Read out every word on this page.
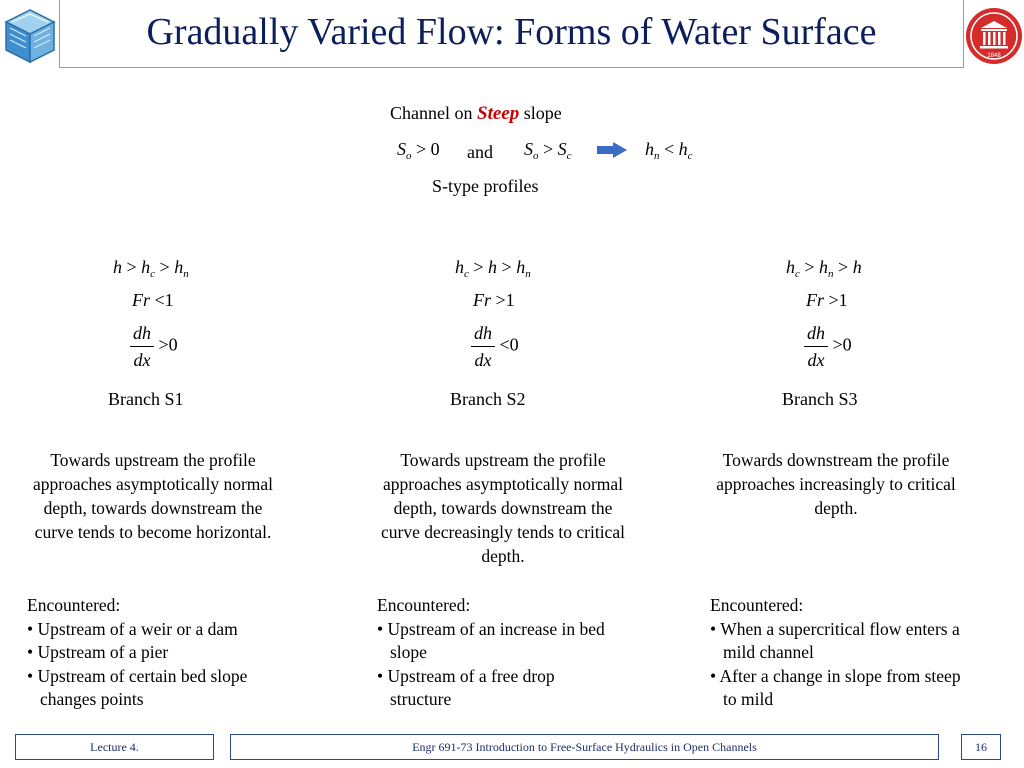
Gradually Varied Flow: Forms of Water Surface
1848
Channel on Steep slope
$S_o > 0$ and $S_o > S_c$	$h_n < h_c$
S-type profiles
$h > h_c > h_n$
Fr <1
$\frac{dh}{dx} >0$
Branch S1
Towards upstream the profile approaches asymptotically normal depth, towards downstream the curve tends to become horizontal.
Encountered:
• Upstream of a weir or a dam
• Upstream of a pier

• Upstream of certain bed slope changes points
$h_c > h > h_n$
Fr >1
$\frac{dh}{dx} <0$
Branch S2
Towards upstream the profile approaches asymptotically normal depth, towards downstream the curve decreasingly tends to critical depth.
Encountered:

• Upstream of an increase in bed slope
• Upstream of a free drop structure
$h_c > h_n > h$
Fr >1
$\frac{dh}{dx} >0$
Branch S3
Towards downstream the profile approaches increasingly to critical depth.
Encountered:

• When a supercritical flow enters a mild channel
• After a change in slope from steep to mild
Lecture 4.	Engr 691-73 Introduction to Free-Surface Hydraulics in Open Channels	16
